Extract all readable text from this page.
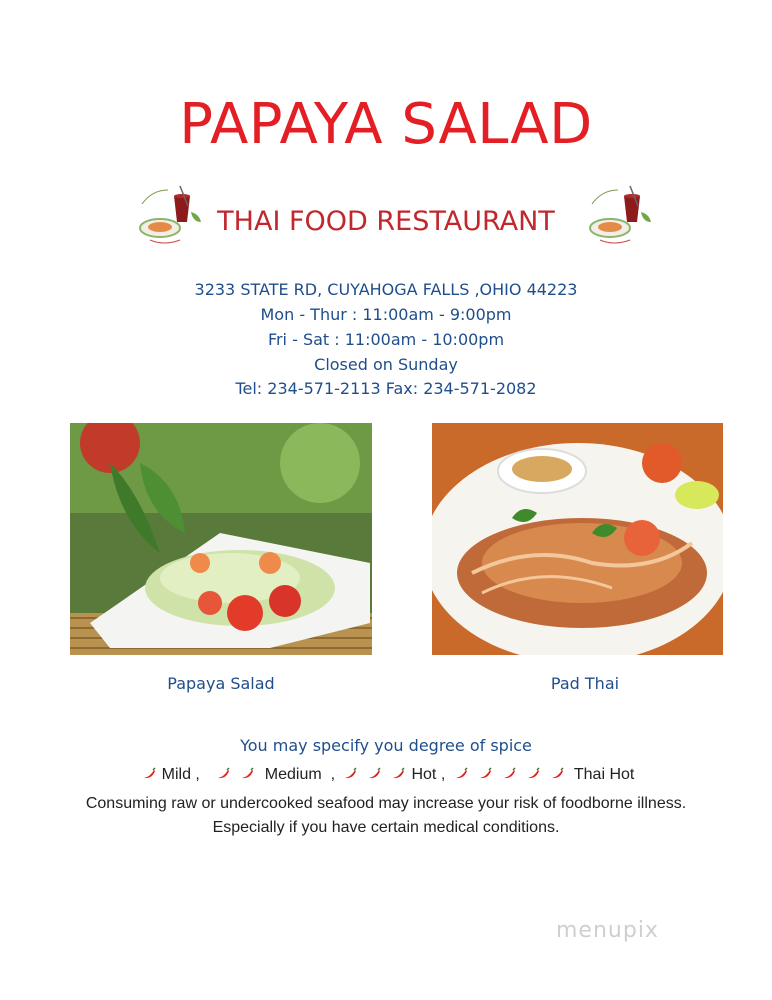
PAPAYA SALAD
THAI FOOD RESTAURANT
3233 STATE RD, CUYAHOGA FALLS ,OHIO 44223
Mon - Thur : 11:00am - 9:00pm
Fri - Sat : 11:00am - 10:00pm
Closed on Sunday
Tel: 234-571-2113 Fax: 234-571-2082
Papaya Salad	Pad Thai
You may specify you degree of spice
Mild ,	Medium  ,	Hot ,	Thai Hot
Consuming raw or undercooked seafood may increase your risk of foodborne illness.
Especially if you have certain medical conditions.
menupix
